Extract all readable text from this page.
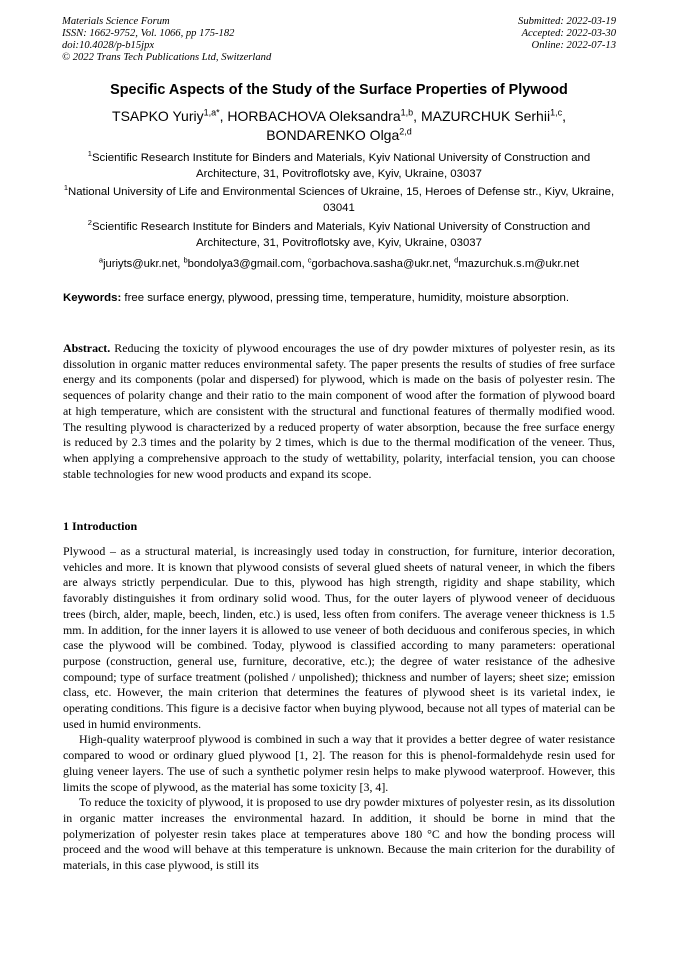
Materials Science Forum
ISSN: 1662-9752, Vol. 1066, pp 175-182
doi:10.4028/p-b15jpx
© 2022 Trans Tech Publications Ltd, Switzerland
Submitted: 2022-03-19
Accepted: 2022-03-30
Online: 2022-07-13
Specific Aspects of the Study of the Surface Properties of Plywood
TSAPKO Yuriy$^{1,a*}$, HORBACHOVA Oleksandra$^{1,b}$, MAZURCHUK Serhii$^{1,c}$,
BONDARENKO Olga$^{2,d}$
$^1$Scientific Research Institute for Binders and Materials, Kyiv National University of Construction and Architecture, 31, Povitroflotsky ave, Kyiv, Ukraine, 03037
$^1$National University of Life and Environmental Sciences of Ukraine, 15, Heroes of Defense str., Kiyv, Ukraine, 03041
$^2$Scientific Research Institute for Binders and Materials, Kyiv National University of Construction and Architecture, 31, Povitroflotsky ave, Kyiv, Ukraine, 03037
$^a$juriyts@ukr.net, $^b$bondolya3@gmail.com, $^c$gorbachova.sasha@ukr.net, $^d$mazurchuk.s.m@ukr.net
Keywords: free surface energy, plywood, pressing time, temperature, humidity, moisture absorption.
Abstract. Reducing the toxicity of plywood encourages the use of dry powder mixtures of polyester resin, as its dissolution in organic matter reduces environmental safety. The paper presents the results of studies of free surface energy and its components (polar and dispersed) for plywood, which is made on the basis of polyester resin. The sequences of polarity change and their ratio to the main component of wood after the formation of plywood board at high temperature, which are consistent with the structural and functional features of thermally modified wood. The resulting plywood is characterized by a reduced property of water absorption, because the free surface energy is reduced by 2.3 times and the polarity by 2 times, which is due to the thermal modification of the veneer. Thus, when applying a comprehensive approach to the study of wettability, polarity, interfacial tension, you can choose stable technologies for new wood products and expand its scope.
1 Introduction

Plywood – as a structural material, is increasingly used today in construction, for furniture, interior decoration, vehicles and more. It is known that plywood consists of several glued sheets of natural veneer, in which the fibers are always strictly perpendicular. Due to this, plywood has high strength, rigidity and shape stability, which favorably distinguishes it from ordinary solid wood. Thus, for the outer layers of plywood veneer of deciduous trees (birch, alder, maple, beech, linden, etc.) is used, less often from conifers. The average veneer thickness is 1.5 mm. In addition, for the inner layers it is allowed to use veneer of both deciduous and coniferous species, in which case the plywood will be combined. Today, plywood is classified according to many parameters: operational purpose (construction, general use, furniture, decorative, etc.); the degree of water resistance of the adhesive compound; type of surface treatment (polished / unpolished); thickness and number of layers; sheet size; emission class, etc. However, the main criterion that determines the features of plywood sheet is its varietal index, ie operating conditions. This figure is a decisive factor when buying plywood, because not all types of material can be used in humid environments.

High-quality waterproof plywood is combined in such a way that it provides a better degree of water resistance compared to wood or ordinary glued plywood [1, 2]. The reason for this is phenol-formaldehyde resin used for gluing veneer layers. The use of such a synthetic polymer resin helps to make plywood waterproof. However, this limits the scope of plywood, as the material has some toxicity [3, 4].

To reduce the toxicity of plywood, it is proposed to use dry powder mixtures of polyester resin, as its dissolution in organic matter increases the environmental hazard. In addition, it should be borne in mind that the polymerization of polyester resin takes place at temperatures above 180 °C and how the bonding process will proceed and the wood will behave at this temperature is unknown. Because the main criterion for the durability of materials, in this case plywood, is still its
